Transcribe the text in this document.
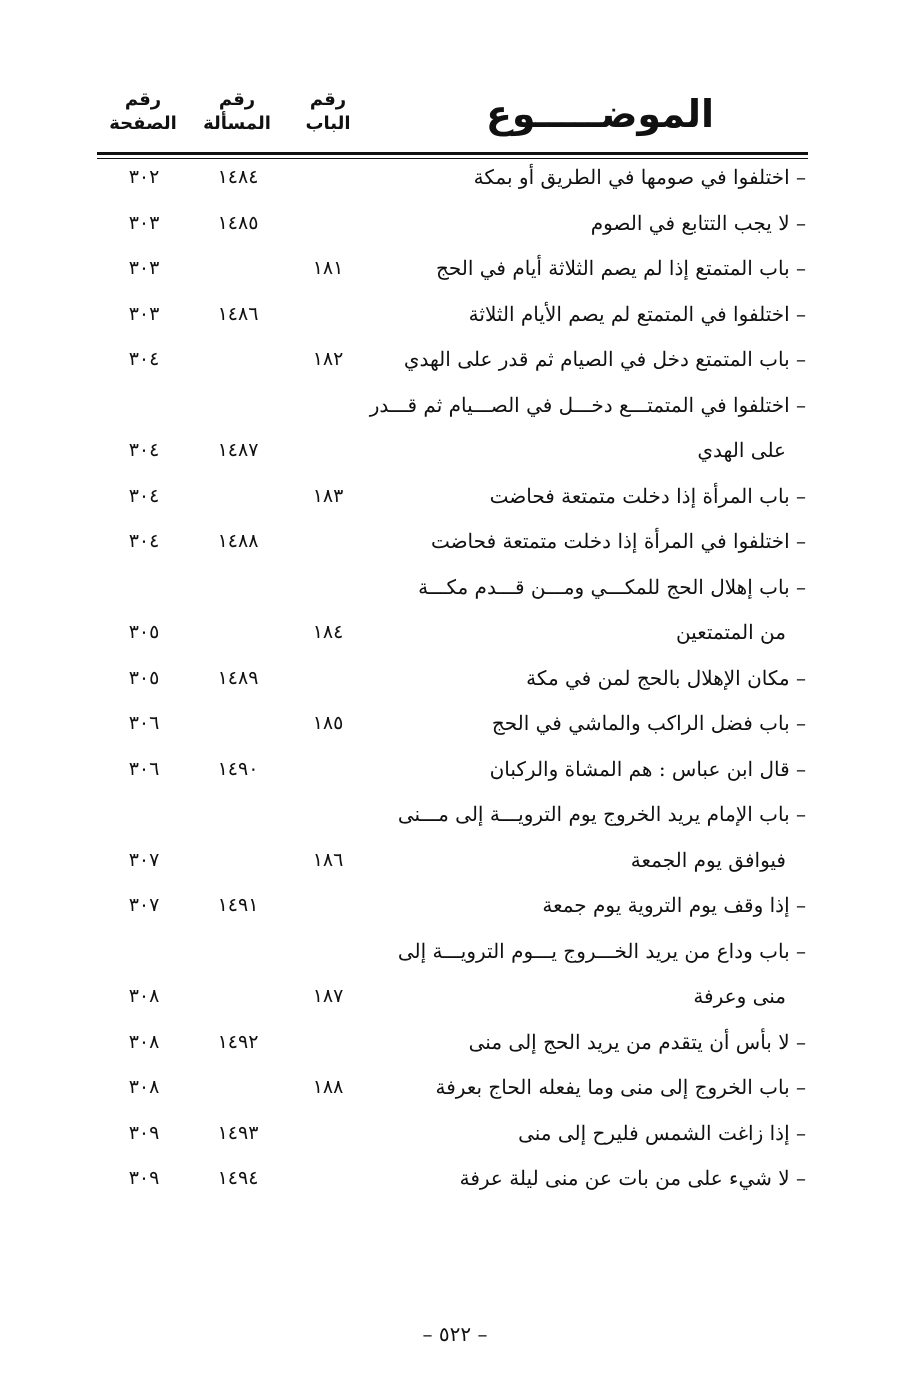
الموضـــــوع
رقم
الباب
رقم
المسألة
رقم
الصفحة
– اختلفوا في صومها في الطريق أو بمكة
١٤٨٤
٣٠٢
– لا يجب التتابع في الصوم
١٤٨٥
٣٠٣
– باب المتمتع إذا لم يصم الثلاثة أيام في الحج
١٨١
٣٠٣
– اختلفوا في المتمتع لم يصم الأيام الثلاثة
١٤٨٦
٣٠٣
– باب المتمتع دخل في الصيام ثم قدر على الهدي
١٨٢
٣٠٤
– اختلفوا في المتمتـــع دخـــل في الصـــيام ثم قـــدر
على الهدي
١٤٨٧
٣٠٤
– باب المرأة إذا دخلت متمتعة فحاضت
١٨٣
٣٠٤
– اختلفوا في المرأة إذا دخلت متمتعة فحاضت
١٤٨٨
٣٠٤
– باب إهلال الحج للمكـــي ومـــن قـــدم مكـــة
من المتمتعين
١٨٤
٣٠٥
– مكان الإهلال بالحج لمن في مكة
١٤٨٩
٣٠٥
– باب فضل الراكب والماشي في الحج
١٨٥
٣٠٦
– قال ابن عباس : هم المشاة والركبان
١٤٩٠
٣٠٦
– باب الإمام يريد الخروج يوم الترويـــة إلى مـــنى
فيوافق يوم الجمعة
١٨٦
٣٠٧
– إذا وقف يوم التروية يوم جمعة
١٤٩١
٣٠٧
– باب وداع من يريد الخـــروج يـــوم الترويـــة إلى
منى وعرفة
١٨٧
٣٠٨
– لا بأس أن يتقدم من يريد الحج إلى منى
١٤٩٢
٣٠٨
– باب الخروج إلى منى وما يفعله الحاج بعرفة
١٨٨
٣٠٨
– إذا زاغت الشمس فليرح إلى منى
١٤٩٣
٣٠٩
– لا شيء على من بات عن منى ليلة عرفة
١٤٩٤
٣٠٩
– ٥٢٢ –
